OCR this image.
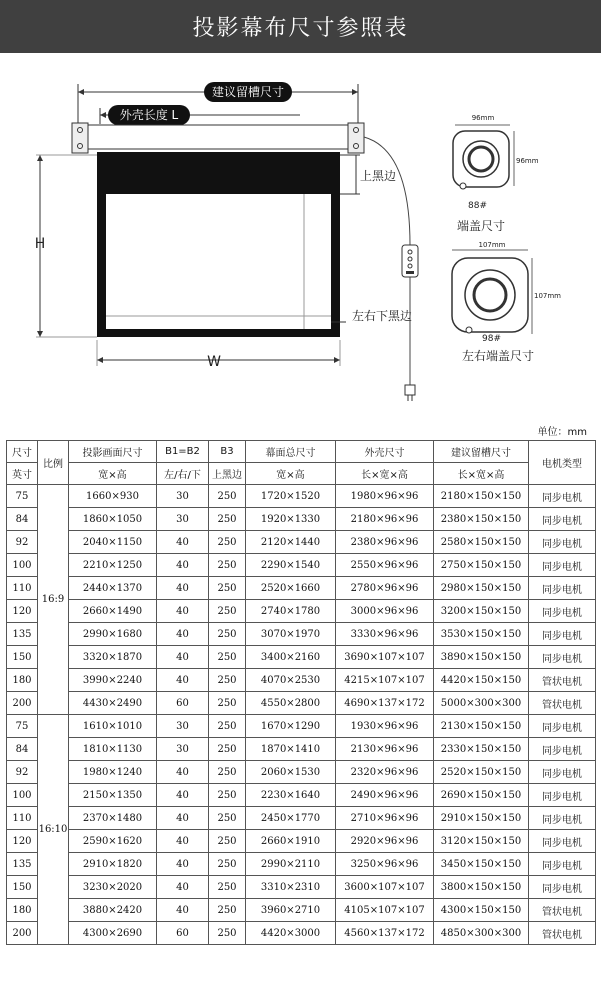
投影幕布尺寸参照表
建议留槽尺寸
外壳长度 L
H
W
上黑边
左右下黑边
96mm
96mm
88#
端盖尺寸
107mm
107mm
98#
左右端盖尺寸
单位：mm
尺寸	比例	投影画面尺寸	B1=B2	B3	幕面总尺寸	外壳尺寸	建议留槽尺寸	电机类型
英寸		宽×高	左/右/下	上黑边	宽×高	长×宽×高	长×宽×高	
75	16:9	1660×930	30	250	1720×1520	1980×96×96	2180×150×150	同步电机
84		1860×1050	30	250	1920×1330	2180×96×96	2380×150×150	同步电机
92		2040×1150	40	250	2120×1440	2380×96×96	2580×150×150	同步电机
100		2210×1250	40	250	2290×1540	2550×96×96	2750×150×150	同步电机
110		2440×1370	40	250	2520×1660	2780×96×96	2980×150×150	同步电机
120		2660×1490	40	250	2740×1780	3000×96×96	3200×150×150	同步电机
135		2990×1680	40	250	3070×1970	3330×96×96	3530×150×150	同步电机
150		3320×1870	40	250	3400×2160	3690×107×107	3890×150×150	同步电机
180		3990×2240	40	250	4070×2530	4215×107×107	4420×150×150	管状电机
200		4430×2490	60	250	4550×2800	4690×137×172	5000×300×300	管状电机
75	16:10	1610×1010	30	250	1670×1290	1930×96×96	2130×150×150	同步电机
84		1810×1130	30	250	1870×1410	2130×96×96	2330×150×150	同步电机
92		1980×1240	40	250	2060×1530	2320×96×96	2520×150×150	同步电机
100		2150×1350	40	250	2230×1640	2490×96×96	2690×150×150	同步电机
110		2370×1480	40	250	2450×1770	2710×96×96	2910×150×150	同步电机
120		2590×1620	40	250	2660×1910	2920×96×96	3120×150×150	同步电机
135		2910×1820	40	250	2990×2110	3250×96×96	3450×150×150	同步电机
150		3230×2020	40	250	3310×2310	3600×107×107	3800×150×150	同步电机
180		3880×2420	40	250	3960×2710	4105×107×107	4300×150×150	管状电机
200		4300×2690	60	250	4420×3000	4560×137×172	4850×300×300	管状电机
